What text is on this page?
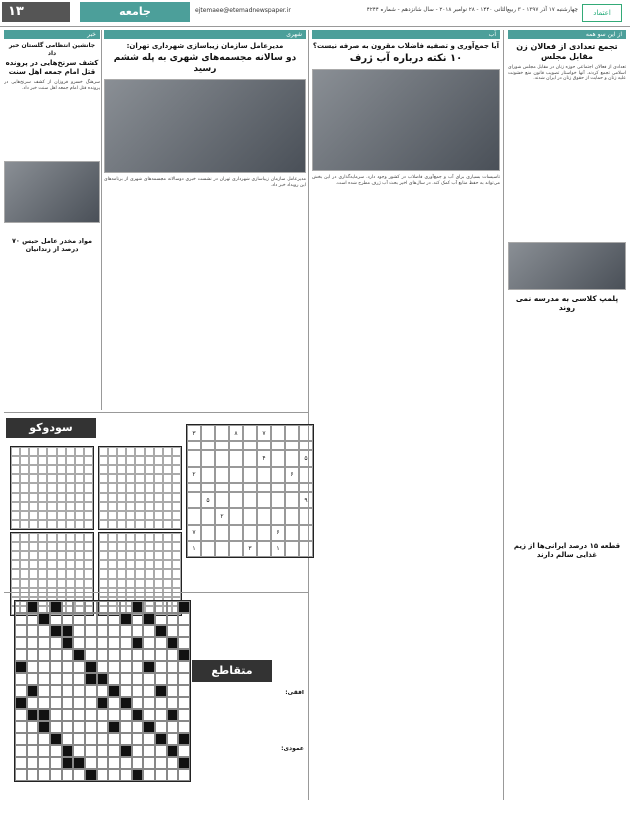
اعتماد
چهارشنبه ۱۷ آذر ۱۳۹۷ - ۳ ربیع‌الثانی ۱۴۴۰ - ۲۸ نوامبر ۲۰۱۸ - سال شانزدهم - شماره ۴۲۴۴
ejtemaee@etemadnewspaper.ir
جامعه
۱۳
از این سو همه
تجمع تعدادی از فعالان زن مقابل مجلس
تعدادی از فعالان اجتماعی حوزه زنان در مقابل مجلس شورای اسلامی تجمع کردند. آنها خواستار تصویب قانون منع خشونت علیه زنان و حمایت از حقوق زنان در ایران شدند.
پلمپ کلاسی به مدرسه نمی روند
قطعه ۱۵ درصد ایرانی‌ها از زیم غذایی سالم دارند
آب
آیا جمع‌آوری و تصفیه فاضلاب مقرون به صرفه نیست؟
۱۰ نکته درباره آب ژرف
تاسیسات بسیاری برای آب و جمع‌آوری فاضلاب در کشور وجود دارد. سرمایه‌گذاری در این بخش می‌تواند به حفظ منابع آب کمک کند. در سال‌های اخیر بحث آب ژرف مطرح شده است.
شهری
مدیرعامل سازمان زیباسازی شهرداری تهران:
دو سالانه مجسمه‌های شهری به پله ششم رسید
مدیرعامل سازمان زیباسازی شهرداری تهران در نشست خبری دوسالانه مجسمه‌های شهری از برنامه‌های این رویداد خبر داد.
خبر
جانشین انتظامی گلستان خبر داد
کشف سرنخ‌هایی در پرونده قتل امام جمعه اهل سنت
سرهنگ خسرو فروزان از کشف سرنخ‌هایی در پرونده قتل امام جمعه اهل سنت خبر داد.
مواد مخدر عامل حبس ۷۰ درصد از زندانیان
سودوکو	۷
۸
۳
۵
۴
۶
۲
۹
۵
۲
۶
۷
۱
۳
۱
متقاطع
افقی:
عمودی:
